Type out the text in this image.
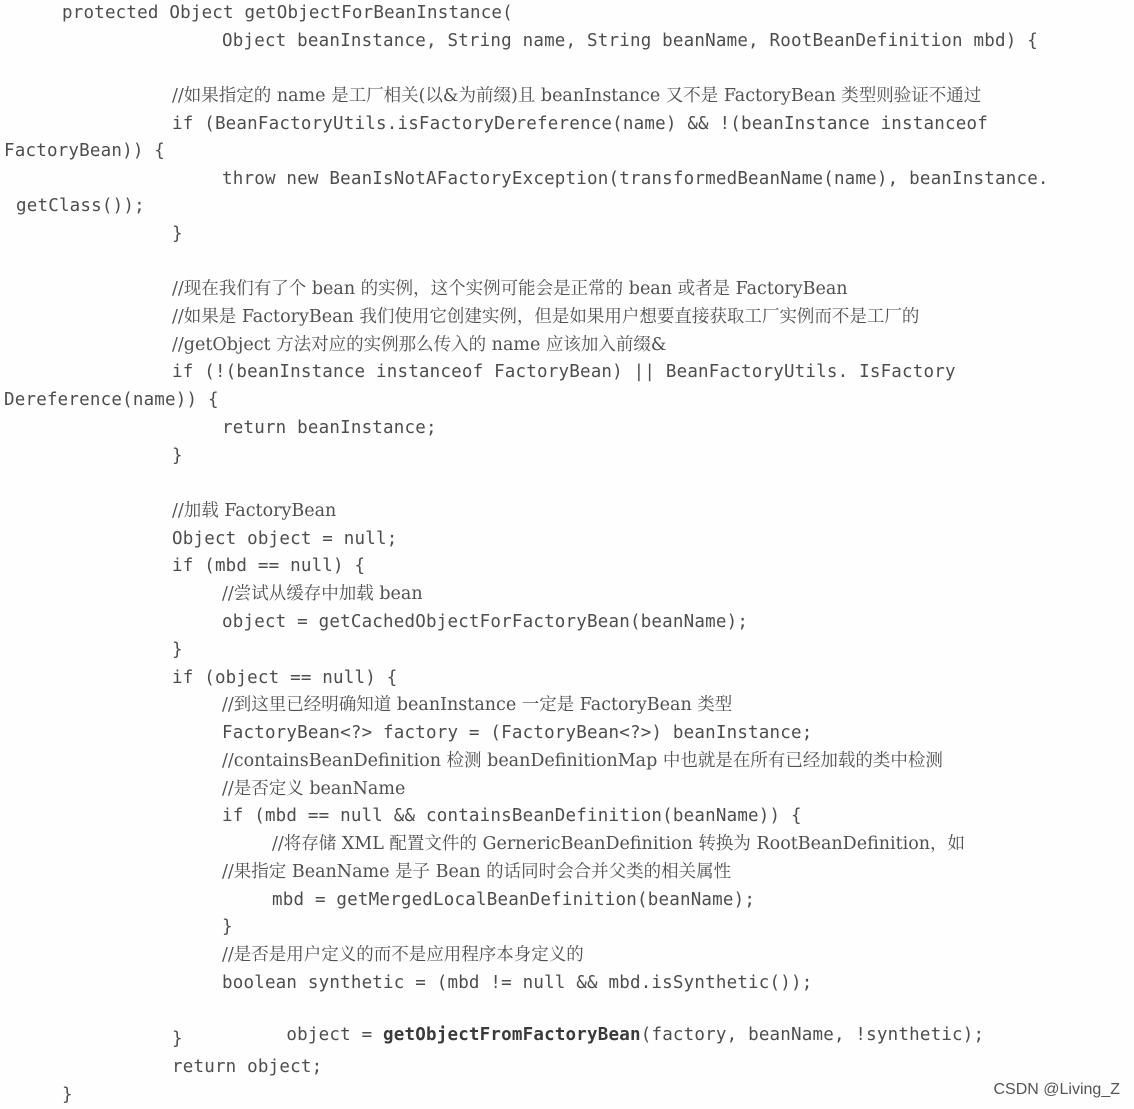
protected Object getObjectForBeanInstance(
Object beanInstance, String name, String beanName, RootBeanDefinition mbd) {
//如果指定的 name 是工厂相关(以&为前缀)且 beanInstance 又不是 FactoryBean 类型则验证不通过
if (BeanFactoryUtils.isFactoryDereference(name) && !(beanInstance instanceof
FactoryBean)) {
throw new BeanIsNotAFactoryException(transformedBeanName(name), beanInstance.
getClass());
}
//现在我们有了个 bean 的实例，这个实例可能会是正常的 bean 或者是 FactoryBean
//如果是 FactoryBean 我们使用它创建实例，但是如果用户想要直接获取工厂实例而不是工厂的
//getObject 方法对应的实例那么传入的 name 应该加入前缀&
if (!(beanInstance instanceof FactoryBean) || BeanFactoryUtils. IsFactory
Dereference(name)) {
return beanInstance;
}
//加载 FactoryBean
Object object = null;
if (mbd == null) {
//尝试从缓存中加载 bean
object = getCachedObjectForFactoryBean(beanName);
}
if (object == null) {
//到这里已经明确知道 beanInstance 一定是 FactoryBean 类型
FactoryBean<?> factory = (FactoryBean<?>) beanInstance;
//containsBeanDefinition 检测 beanDefinitionMap 中也就是在所有已经加载的类中检测
//是否定义 beanName
if (mbd == null && containsBeanDefinition(beanName)) {
//将存储 XML 配置文件的 GernericBeanDefinition 转换为 RootBeanDefinition，如
//果指定 BeanName 是子 Bean 的话同时会合并父类的相关属性
mbd = getMergedLocalBeanDefinition(beanName);
}
//是否是用户定义的而不是应用程序本身定义的
boolean synthetic = (mbd != null && mbd.isSynthetic());

object = getObjectFromFactoryBean(factory, beanName, !synthetic);

}
return object;
}	CSDN @Living_Z
